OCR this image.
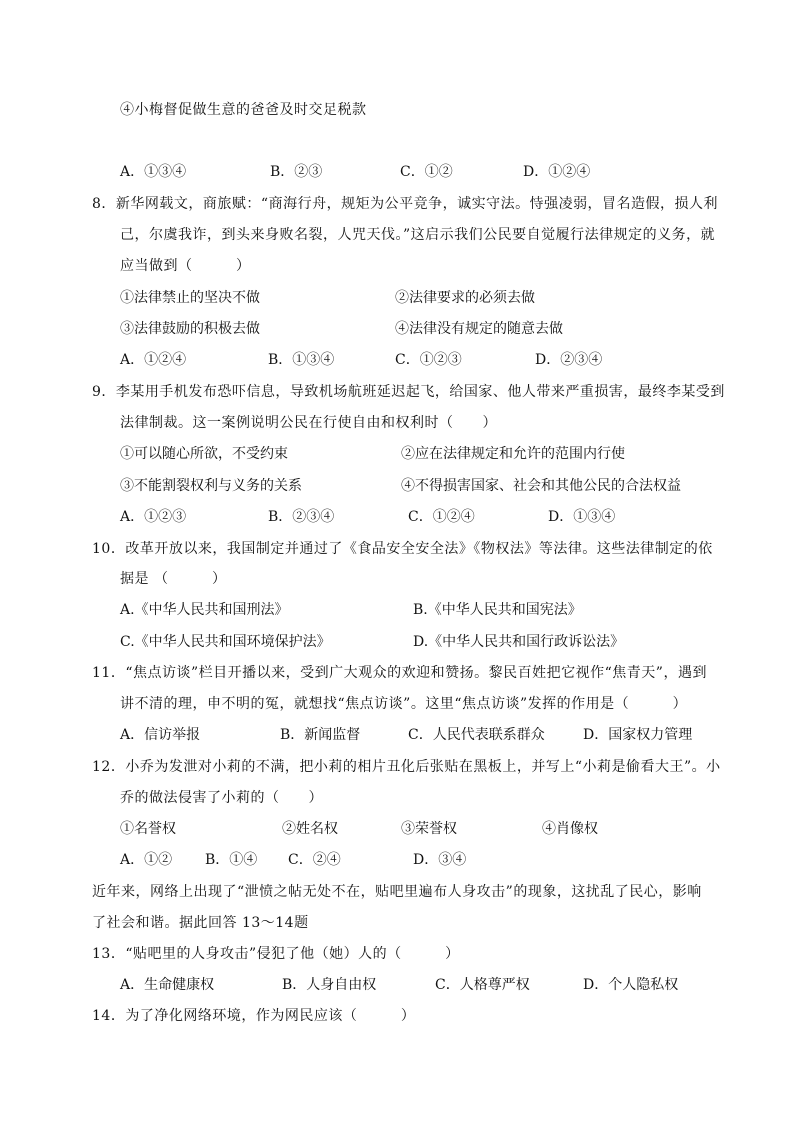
④小梅督促做生意的爸爸及时交足税款
A．①③④	B．②③	C．①②	D．①②④
8．新华网载文，商旅赋：“商海行舟，规矩为公平竞争，诚实守法。恃强凌弱，冒名造假，损人利
己，尔虞我诈，到头来身败名裂，人咒天伐。”这启示我们公民要自觉履行法律规定的义务，就
应当做到（　　　）
①法律禁止的坚决不做	②法律要求的必须去做
③法律鼓励的积极去做	④法律没有规定的随意去做
A．①②④	B．①③④	C．①②③	D．②③④
9．李某用手机发布恐吓信息，导致机场航班延迟起飞，给国家、他人带来严重损害，最终李某受到
法律制裁。这一案例说明公民在行使自由和权利时（　　）
①可以随心所欲，不受约束	②应在法律规定和允许的范围内行使
③不能割裂权利与义务的关系	④不得损害国家、社会和其他公民的合法权益
A．①②③	B．②③④	C．①②④	D．①③④
10．改革开放以来，我国制定并通过了《食品安全安全法》《物权法》等法律。这些法律制定的依
据是 （　　　）
A.《中华人民共和国刑法》	B.《中华人民共和国宪法》
C.《中华人民共和国环境保护法》	D.《中华人民共和国行政诉讼法》
11．“焦点访谈”栏目开播以来，受到广大观众的欢迎和赞扬。黎民百姓把它视作“焦青天”，遇到
讲不清的理，申不明的冤，就想找“焦点访谈”。这里“焦点访谈”发挥的作用是（　　　）
A．信访举报	B．新闻监督	C．人民代表联系群众	D．国家权力管理
12．小乔为发泄对小莉的不满，把小莉的相片丑化后张贴在黑板上，并写上“小莉是偷看大王”。小
乔的做法侵害了小莉的（　　）
①名誉权	②姓名权	③荣誉权	④肖像权
A．①② B．①④ C．②④	D．③④
近年来，网络上出现了“泄愤之帖无处不在，贴吧里遍布人身攻击”的现象，这扰乱了民心，影响
了社会和谐。据此回答 13～14题
13．“贴吧里的人身攻击”侵犯了他（她）人的（　　　）
A．生命健康权	B．人身自由权	C．人格尊严权	D．个人隐私权
14．为了净化网络环境，作为网民应该（　　　）
